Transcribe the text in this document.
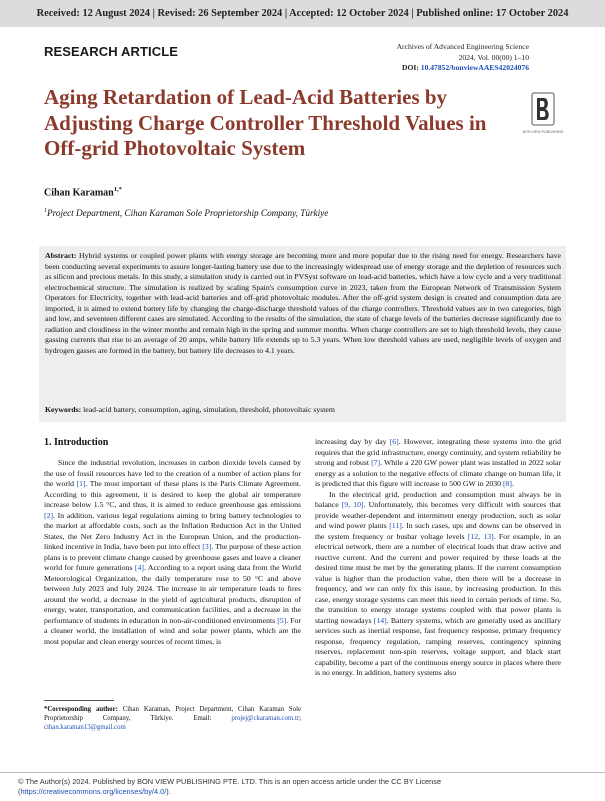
Received: 12 August 2024 | Revised: 26 September 2024 | Accepted: 12 October 2024 | Published online: 17 October 2024
RESEARCH ARTICLE	Archives of Advanced Engineering Science
2024, Vol. 00(00) 1–10
DOI: 10.47852/bonviewAAES42024076
BON VIEW PUBLISHING
Aging Retardation of Lead-Acid Batteries by Adjusting Charge Controller Threshold Values in Off-grid Photovoltaic System
Cihan Karaman$^{1,*}$
$^1$Project Department, Cihan Karaman Sole Proprietorship Company, Türkiye
Abstract: Hybrid systems or coupled power plants with energy storage are becoming more and more popular due to the rising need for energy. Researchers have been conducting several experiments to assure longer-lasting battery use due to the increasingly widespread use of energy storage and the depletion of resources such as silicon and precious metals. In this study, a simulation study is carried out in PVSyst software on lead-acid batteries, which have a low cycle and a very traditional electrochemical structure. The simulation is realized by scaling Spain's consumption curve in 2023, taken from the European Network of Transmission System Operators for Electricity, together with lead-acid batteries and off-grid photovoltaic modules. After the off-grid system design is created and consumption data are imported, it is aimed to extend battery life by changing the charge-discharge threshold values of the charge controllers. Threshold values are in two categories, high and low, and seventeen different cases are simulated. According to the results of the simulation, the state of charge levels of the batteries decrease significantly due to radiation and cloudiness in the winter months and remain high in the spring and summer months. When charge controllers are set to high threshold levels, they cause gassing currents that rise to an average of 20 amps, while battery life extends up to 5.3 years. When low threshold values are used, negligible levels of oxygen and hydrogen gasses are formed in the battery, but battery life decreases to 4.1 years.
Keywords: lead-acid battery, consumption, aging, simulation, threshold, photovoltaic system
1. Introduction

Since the industrial revolution, increases in carbon dioxide levels caused by the use of fossil resources have led to the creation of a number of action plans for the world [1]. The most important of these plans is the Paris Climate Agreement. According to this agreement, it is desired to keep the global air temperature increase below 1.5 °C, and thus, it is aimed to reduce greenhouse gas emissions [2]. In addition, various legal regulations aiming to bring battery technologies to the market at affordable costs, such as the Inflation Reduction Act in the United States, the Net Zero Industry Act in the European Union, and the production-linked incentive in India, have been put into effect [3]. The purpose of these action plans is to prevent climate change caused by greenhouse gases and leave a cleaner world for future generations [4]. According to a report using data from the World Meteorological Organization, the daily temperature rose to 50 °C and above between July 2023 and July 2024. The increase in air temperature leads to fires around the world, a decrease in the yield of agricultural products, disruption of energy, water, transportation, and communication facilities, and a decrease in the performance of students in education in non-air-conditioned environments [5]. For a cleaner world, the installation of wind and solar power plants, which are the most popular and clean energy sources of recent times, is

increasing day by day [6]. However, integrating these systems into the grid requires that the grid infrastructure, energy continuity, and system reliability be strong and robust [7]. While a 220 GW power plant was installed in 2022 solar energy as a solution to the negative effects of climate change on human life, it is predicted that this figure will increase to 500 GW in 2030 [8].

In the electrical grid, production and consumption must always be in balance [9, 10]. Unfortunately, this becomes very difficult with sources that provide weather-dependent and intermittent energy production, such as solar and wind power plants [11]. In such cases, ups and downs can be observed in the system frequency or busbar voltage levels [12, 13]. For example, in an electrical network, there are a number of electrical loads that draw active and reactive current. And the current and power required by these loads at the desired time must be met by the generating plants. If the current consumption value is higher than the production value, then there will be a decrease in frequency, and we can only fix this issue, by increasing production. In this case, energy storage systems can meet this need in certain periods of time. So, the transition to energy storage systems coupled with that power plants is starting nowadays [14]. Battery systems, which are generally used as ancillary services such as inertial response, fast frequency response, primary frequency response, frequency regulation, ramping reserves, contingency spinning reserves, replacement non-spin reserves, voltage support, and black start capability, become a part of the continuous energy source in places where there is no energy. In addition, battery systems also

*Corresponding author: Cihan Karaman, Project Department, Cihan Karaman Sole Proprietorship Company, Türkiye. Email: projej@ckaraman.com.tr; cihan.karaman13@gmail.com
© The Author(s) 2024. Published by BON VIEW PUBLISHING PTE. LTD. This is an open access article under the CC BY License (https://creativecommons.org/licenses/by/4.0/).
